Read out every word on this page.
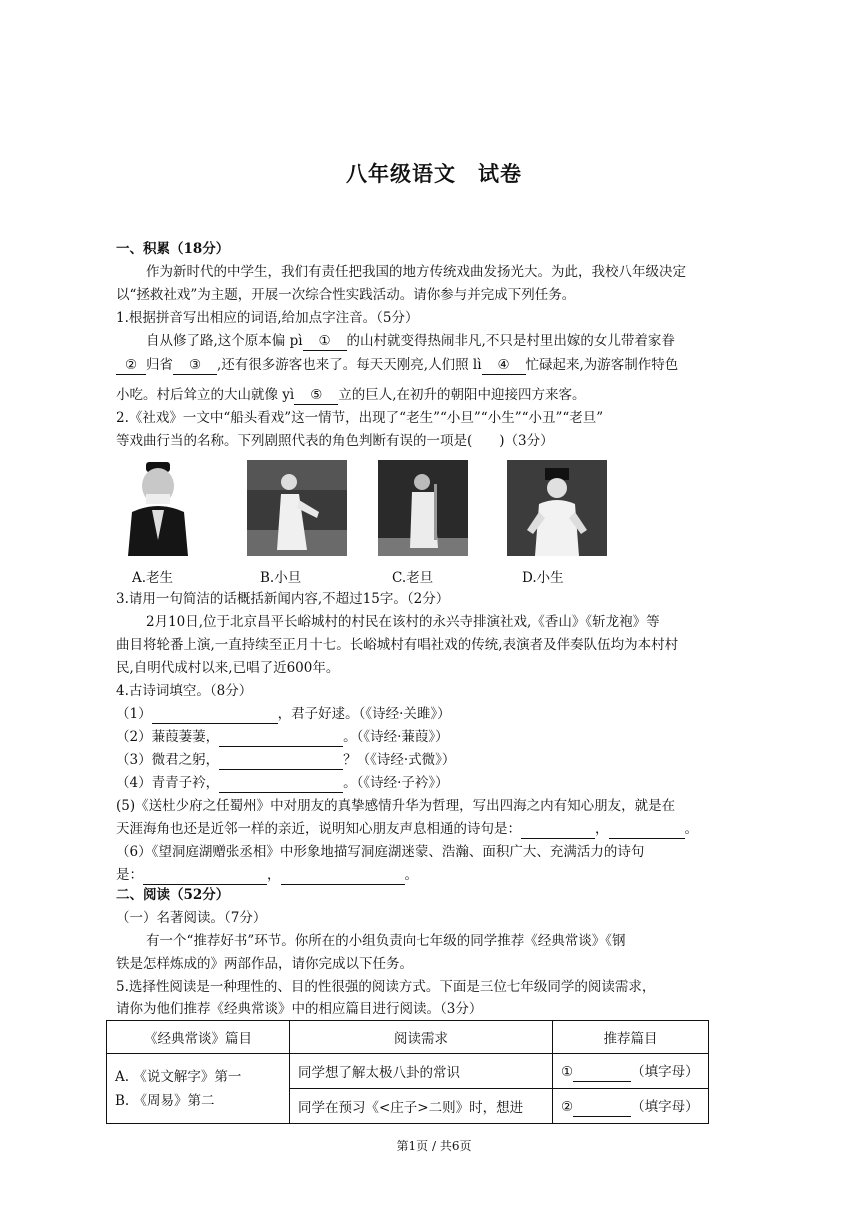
八年级语文　试卷
一、积累（18分）
作为新时代的中学生，我们有责任把我国的地方传统戏曲发扬光大。为此，我校八年级决定
以“拯救社戏”为主题，开展一次综合性实践活动。请你参与并完成下列任务。
1.根据拼音写出相应的词语,给加点字注音。（5分）
自从修了路,这个原本偏 pì ① 的山村就变得热闹非凡,不只是村里出嫁的女儿带着家眷
② 归省 ③ ,还有很多游客也来了。每天天刚亮,人们照 lì ④ 忙碌起来,为游客制作特色
小吃。村后耸立的大山就像 yì ⑤ 立的巨人,在初升的朝阳中迎接四方来客。
2.《社戏》一文中“船头看戏”这一情节，出现了“老生”“小旦”“小生”“小丑”“老旦”
等戏曲行当的名称。下列剧照代表的角色判断有误的一项是(　　)（3分）
A.老生	B.小旦	C.老旦	D.小生
3.请用一句简洁的话概括新闻内容,不超过15字。（2分）
2月10日,位于北京昌平长峪城村的村民在该村的永兴寺排演社戏,《香山》《斩龙袍》等
曲目将轮番上演,一直持续至正月十七。长峪城村有唱社戏的传统,表演者及伴奏队伍均为本村村
民,自明代成村以来,已唱了近600年。
4.古诗词填空。（8分）
（1）	，君子好逑。（《诗经·关雎》）
（2）蒹葭萋萋，	。（《诗经·蒹葭》）
（3）微君之躬，	？（《诗经·式微》）
（4）青青子衿，	。（《诗经·子衿》）
(5)《送杜少府之任蜀州》中对朋友的真挚感情升华为哲理，写出四海之内有知心朋友，就是在
天涯海角也还是近邻一样的亲近，说明知心朋友声息相通的诗句是：	，	。
（6）《望洞庭湖赠张丞相》中形象地描写洞庭湖迷蒙、浩瀚、面积广大、充满活力的诗句
是：	，	。
二、阅读（52分）
（一）名著阅读。（7分）
有一个“推荐好书”环节。你所在的小组负责向七年级的同学推荐《经典常谈》《钢
铁是怎样炼成的》两部作品，请你完成以下任务。
5.选择性阅读是一种理性的、目的性很强的阅读方式。下面是三位七年级同学的阅读需求，
请你为他们推荐《经典常谈》中的相应篇目进行阅读。（3分）
《经典常谈》篇目	阅读需求	推荐篇目

A. 《说文解字》第一
B. 《周易》第二	同学想了解太极八卦的常识	① （填字母）
	同学在预习《<庄子>二则》时，想进	② （填字母）
第1页 / 共6页
